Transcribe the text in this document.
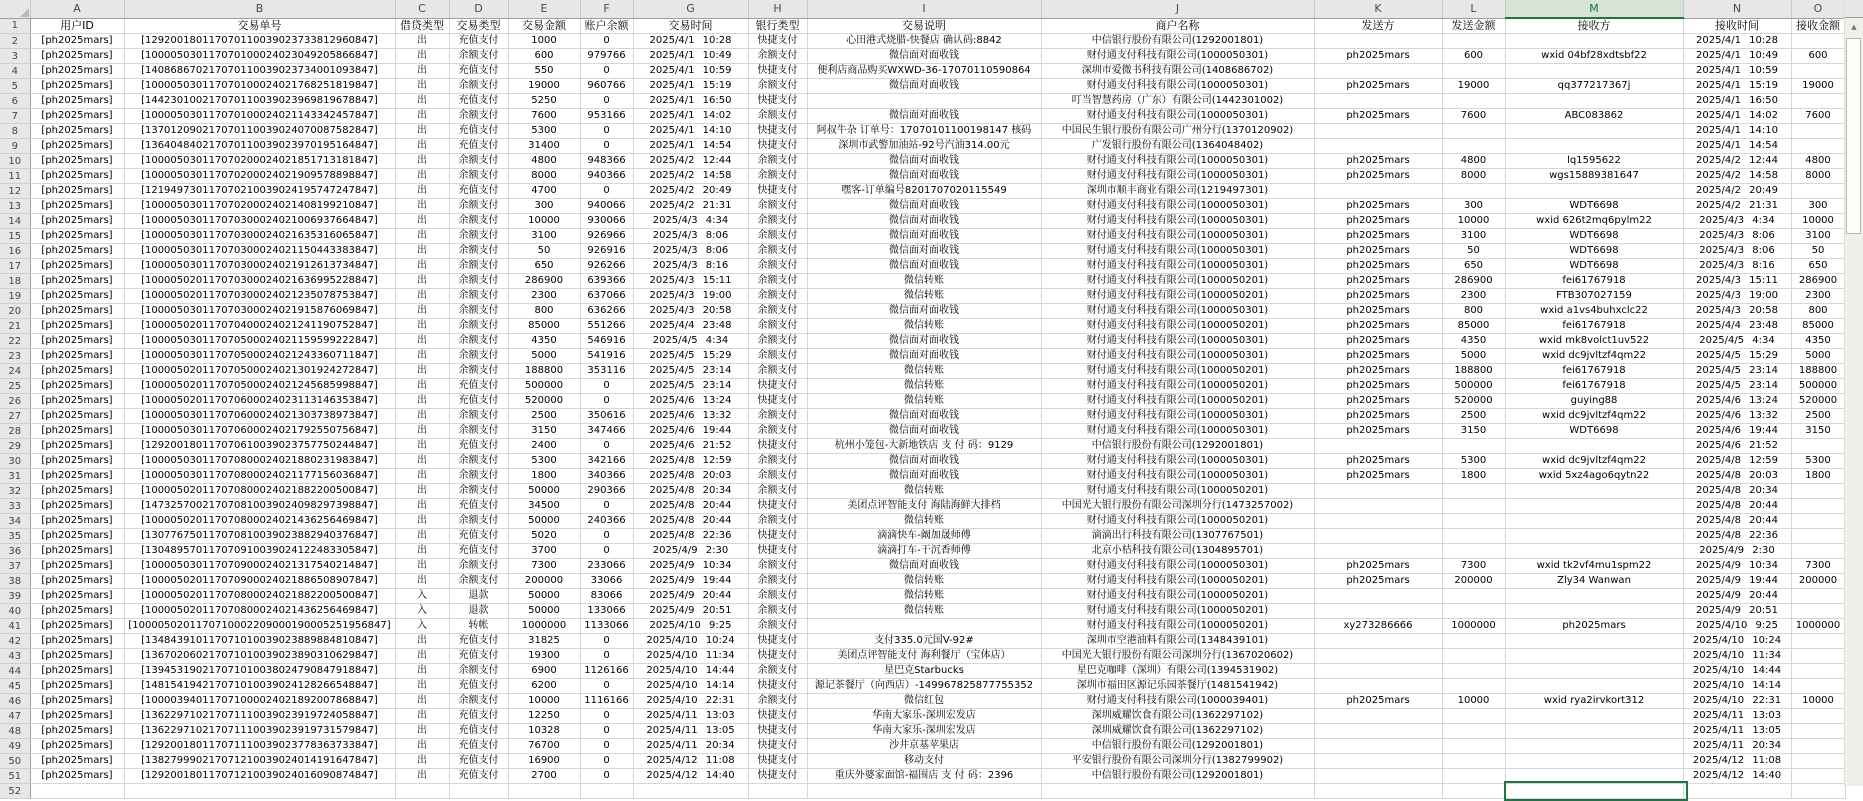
	A	B	C	D	E	F	G	H	I	J	K	L	M	N	O
1	用户ID	交易单号	借贷类型	交易类型	交易金额	账户余额	交易时间	银行类型	交易说明	商户名称	发送方	发送金额	接收方	接收时间	接收金额
2	[ph2025mars]	[129200180117070110039023733812960847]	出	充值支付	1000	0	2025/4/1 10:28	快捷支付	心田港式烧腊-快餐店 确认码:8842	中信银行股份有限公司(1292001801)				2025/4/1 10:28	
3	[ph2025mars]	[100005030117070100024023049205866847]	出	余额支付	600	979766	2025/4/1 10:49	余额支付	微信面对面收钱	财付通支付科技有限公司(1000050301)	ph2025mars	600	wxid 04bf28xdtsbf22	2025/4/1 10:49	600
4	[ph2025mars]	[140868670217070110039023734001093847]	出	充值支付	550	0	2025/4/1 10:59	快捷支付	便利店商品购买WXWD-36-17070110590864	深圳市爱微书科技有限公司(1408686702)				2025/4/1 10:59	
5	[ph2025mars]	[100005030117070100024021768251819847]	出	余额支付	19000	960766	2025/4/1 15:19	余额支付	微信面对面收钱	财付通支付科技有限公司(1000050301)	ph2025mars	19000	qq377217367j	2025/4/1 15:19	19000
6	[ph2025mars]	[144230100217070110039023969819678847]	出	充值支付	5250	0	2025/4/1 16:50	快捷支付		叮当智慧药房（广东）有限公司(1442301002)				2025/4/1 16:50	
7	[ph2025mars]	[100005030117070100024021143342457847]	出	余额支付	7600	953166	2025/4/1 14:02	余额支付	微信面对面收钱	财付通支付科技有限公司(1000050301)	ph2025mars	7600	ABC083862	2025/4/1 14:02	7600
8	[ph2025mars]	[137012090217070110039024070087582847]	出	充值支付	5300	0	2025/4/1 14:10	快捷支付	阿叔牛杂 订单号：17070101100198147 核码	中国民生银行股份有限公司广州分行(1370120902)				2025/4/1 14:10	
9	[ph2025mars]	[136404840217070110039023970195164847]	出	充值支付	31400	0	2025/4/1 14:54	快捷支付	深圳市武警加油站-92号汽油314.00元	广发银行股份有限公司(1364048402)				2025/4/1 14:54	
10	[ph2025mars]	[100005030117070200024021851713181847]	出	余额支付	4800	948366	2025/4/2 12:44	余额支付	微信面对面收钱	财付通支付科技有限公司(1000050301)	ph2025mars	4800	lq1595622	2025/4/2 12:44	4800
11	[ph2025mars]	[100005030117070200024021909578898847]	出	余额支付	8000	940366	2025/4/2 14:58	余额支付	微信面对面收钱	财付通支付科技有限公司(1000050301)	ph2025mars	8000	wgs15889381647	2025/4/2 14:58	8000
12	[ph2025mars]	[121949730117070210039024195747247847]	出	充值支付	4700	0	2025/4/2 20:49	快捷支付	嘿客-订单编号8201707020115549	深圳市顺丰商业有限公司(1219497301)				2025/4/2 20:49	
13	[ph2025mars]	[100005030117070200024021408199210847]	出	余额支付	300	940066	2025/4/2 21:31	余额支付	微信面对面收钱	财付通支付科技有限公司(1000050301)	ph2025mars	300	WDT6698	2025/4/2 21:31	300
14	[ph2025mars]	[100005030117070300024021006937664847]	出	余额支付	10000	930066	2025/4/3 4:34	余额支付	微信面对面收钱	财付通支付科技有限公司(1000050301)	ph2025mars	10000	wxid 626t2mq6pylm22	2025/4/3 4:34	10000
15	[ph2025mars]	[100005030117070300024021635316065847]	出	余额支付	3100	926966	2025/4/3 8:06	余额支付	微信面对面收钱	财付通支付科技有限公司(1000050301)	ph2025mars	3100	WDT6698	2025/4/3 8:06	3100
16	[ph2025mars]	[100005030117070300024021150443383847]	出	余额支付	50	926916	2025/4/3 8:06	余额支付	微信面对面收钱	财付通支付科技有限公司(1000050301)	ph2025mars	50	WDT6698	2025/4/3 8:06	50
17	[ph2025mars]	[100005030117070300024021912613734847]	出	余额支付	650	926266	2025/4/3 8:16	余额支付	微信面对面收钱	财付通支付科技有限公司(1000050301)	ph2025mars	650	WDT6698	2025/4/3 8:16	650
18	[ph2025mars]	[100005020117070300024021636995228847]	出	余额支付	286900	639366	2025/4/3 15:11	余额支付	微信转账	财付通支付科技有限公司(1000050201)	ph2025mars	286900	fei61767918	2025/4/3 15:11	286900
19	[ph2025mars]	[100005020117070300024021235078753847]	出	余额支付	2300	637066	2025/4/3 19:00	余额支付	微信转账	财付通支付科技有限公司(1000050201)	ph2025mars	2300	FTB307027159	2025/4/3 19:00	2300
20	[ph2025mars]	[100005030117070300024021915876069847]	出	余额支付	800	636266	2025/4/3 20:58	余额支付	微信面对面收钱	财付通支付科技有限公司(1000050301)	ph2025mars	800	wxid a1vs4buhxclc22	2025/4/3 20:58	800
21	[ph2025mars]	[100005020117070400024021241190752847]	出	余额支付	85000	551266	2025/4/4 23:48	余额支付	微信转账	财付通支付科技有限公司(1000050201)	ph2025mars	85000	fei61767918	2025/4/4 23:48	85000
22	[ph2025mars]	[100005030117070500024021159599222847]	出	余额支付	4350	546916	2025/4/5 4:34	余额支付	微信面对面收钱	财付通支付科技有限公司(1000050301)	ph2025mars	4350	wxid mk8volct1uv522	2025/4/5 4:34	4350
23	[ph2025mars]	[100005030117070500024021243360711847]	出	余额支付	5000	541916	2025/4/5 15:29	余额支付	微信面对面收钱	财付通支付科技有限公司(1000050301)	ph2025mars	5000	wxid dc9jvltzf4qm22	2025/4/5 15:29	5000
24	[ph2025mars]	[100005020117070500024021301924272847]	出	余额支付	188800	353116	2025/4/5 23:14	余额支付	微信转账	财付通支付科技有限公司(1000050201)	ph2025mars	188800	fei61767918	2025/4/5 23:14	188800
25	[ph2025mars]	[100005020117070500024021245685998847]	出	充值支付	500000	0	2025/4/5 23:14	快捷支付	微信转账	财付通支付科技有限公司(1000050201)	ph2025mars	500000	fei61767918	2025/4/5 23:14	500000
26	[ph2025mars]	[100005020117070600024023113146353847]	出	充值支付	520000	0	2025/4/6 13:24	快捷支付	微信转账	财付通支付科技有限公司(1000050201)	ph2025mars	520000	guying88	2025/4/6 13:24	520000
27	[ph2025mars]	[100005030117070600024021303738973847]	出	余额支付	2500	350616	2025/4/6 13:32	余额支付	微信面对面收钱	财付通支付科技有限公司(1000050301)	ph2025mars	2500	wxid dc9jvltzf4qm22	2025/4/6 13:32	2500
28	[ph2025mars]	[100005030117070600024021792550756847]	出	余额支付	3150	347466	2025/4/6 19:44	余额支付	微信面对面收钱	财付通支付科技有限公司(1000050301)	ph2025mars	3150	WDT6698	2025/4/6 19:44	3150
29	[ph2025mars]	[129200180117070610039023757750244847]	出	充值支付	2400	0	2025/4/6 21:52	快捷支付	杭州小笼包-大新地铁店 支 付 码：9129	中信银行股份有限公司(1292001801)				2025/4/6 21:52	
30	[ph2025mars]	[100005030117070800024021880231983847]	出	余额支付	5300	342166	2025/4/8 12:59	余额支付	微信面对面收钱	财付通支付科技有限公司(1000050301)	ph2025mars	5300	wxid dc9jvltzf4qm22	2025/4/8 12:59	5300
31	[ph2025mars]	[100005030117070800024021177156036847]	出	余额支付	1800	340366	2025/4/8 20:03	余额支付	微信面对面收钱	财付通支付科技有限公司(1000050301)	ph2025mars	1800	wxid 5xz4ago6qytn22	2025/4/8 20:03	1800
32	[ph2025mars]	[100005020117070800024021882200500847]	出	余额支付	50000	290366	2025/4/8 20:34	余额支付	微信转账	财付通支付科技有限公司(1000050201)				2025/4/8 20:34	
33	[ph2025mars]	[147325700217070810039024098297398847]	出	充值支付	34500	0	2025/4/8 20:44	快捷支付	美团点评智能支付 海陆海鲜大排档	中国光大银行股份有限公司深圳分行(1473257002)				2025/4/8 20:44	
34	[ph2025mars]	[100005020117070800024021436256469847]	出	余额支付	50000	240366	2025/4/8 20:44	余额支付	微信转账	财付通支付科技有限公司(1000050201)				2025/4/8 20:44	
35	[ph2025mars]	[130776750117070810039023882940376847]	出	充值支付	5020	0	2025/4/8 22:36	快捷支付	滴滴快车-阚加晟师傅	滴滴出行科技有限公司(1307767501)				2025/4/8 22:36	
36	[ph2025mars]	[130489570117070910039024122483305847]	出	充值支付	3700	0	2025/4/9 2:30	快捷支付	滴滴打车-干沉香师傅	北京小桔科技有限公司(1304895701)				2025/4/9 2:30	
37	[ph2025mars]	[100005030117070900024021317540214847]	出	余额支付	7300	233066	2025/4/9 10:34	余额支付	微信面对面收钱	财付通支付科技有限公司(1000050301)	ph2025mars	7300	wxid tk2vf4mu1spm22	2025/4/9 10:34	7300
38	[ph2025mars]	[100005020117070900024021886508907847]	出	余额支付	200000	33066	2025/4/9 19:44	余额支付	微信转账	财付通支付科技有限公司(1000050201)	ph2025mars	200000	Zly34 Wanwan	2025/4/9 19:44	200000
39	[ph2025mars]	[100005020117070800024021882200500847]	入	退款	50000	83066	2025/4/9 20:44	余额支付	微信转账	财付通支付科技有限公司(1000050201)				2025/4/9 20:44	
40	[ph2025mars]	[100005020117070800024021436256469847]	入	退款	50000	133066	2025/4/9 20:51	余额支付	微信转账	财付通支付科技有限公司(1000050201)				2025/4/9 20:51	
41	[ph2025mars]	[1000050201170710002209000190005251956847]	入	转帐	1000000	1133066	2025/4/10 9:25	余额支付		财付通支付科技有限公司(1000050201)	xy273286666	1000000	ph2025mars	2025/4/10 9:25	1000000
42	[ph2025mars]	[134843910117071010039023889884810847]	出	充值支付	31825	0	2025/4/10 10:24	快捷支付	支付335.0元国V-92#	深圳市空港油料有限公司(1348439101)				2025/4/10 10:24	
43	[ph2025mars]	[136702060217071010039023890310629847]	出	充值支付	19300	0	2025/4/10 11:34	快捷支付	美团点评智能支付 海利餐厅（宝体店）	中国光大银行股份有限公司深圳分行(1367020602)				2025/4/10 11:34	
44	[ph2025mars]	[139453190217071010038024790847918847]	出	余额支付	6900	1126166	2025/4/10 14:44	余额支付	星巴克Starbucks	星巴克咖啡（深圳）有限公司(1394531902)				2025/4/10 14:44	
45	[ph2025mars]	[148154194217071010039024128266548847]	出	充值支付	6200	0	2025/4/10 14:14	快捷支付	源记茶餐厅（向西店）-149967825877755352	深圳市福田区源记乐园茶餐厅(1481541942)				2025/4/10 14:14	
46	[ph2025mars]	[100003940117071000024021892007868847]	出	余额支付	10000	1116166	2025/4/10 22:31	余额支付	微信红包	财付通支付科技有限公司(1000039401)	ph2025mars	10000	wxid rya2irvkort312	2025/4/10 22:31	10000
47	[ph2025mars]	[136229710217071110039023919724058847]	出	充值支付	12250	0	2025/4/11 13:03	快捷支付	华南大家乐-深圳宏发店	深圳威耀饮食有限公司(1362297102)				2025/4/11 13:03	
48	[ph2025mars]	[136229710217071110039023919731579847]	出	充值支付	10328	0	2025/4/11 13:05	快捷支付	华南大家乐-深圳宏发店	深圳威耀饮食有限公司(1362297102)				2025/4/11 13:05	
49	[ph2025mars]	[129200180117071110039023778363733847]	出	充值支付	76700	0	2025/4/11 20:34	快捷支付	沙井京基苹果店	中信银行股份有限公司(1292001801)				2025/4/11 20:34	
50	[ph2025mars]	[138279990217071210039024014191647847]	出	充值支付	16900	0	2025/4/12 11:08	快捷支付	移动支付	平安银行股份有限公司深圳分行(1382799902)				2025/4/12 11:08	
51	[ph2025mars]	[129200180117071210039024016090874847]	出	充值支付	2700	0	2025/4/12 14:40	快捷支付	重庆外婆家面馆-福围店 支 付 码：2396	中信银行股份有限公司(1292001801)				2025/4/12 14:40	
52															
▲
